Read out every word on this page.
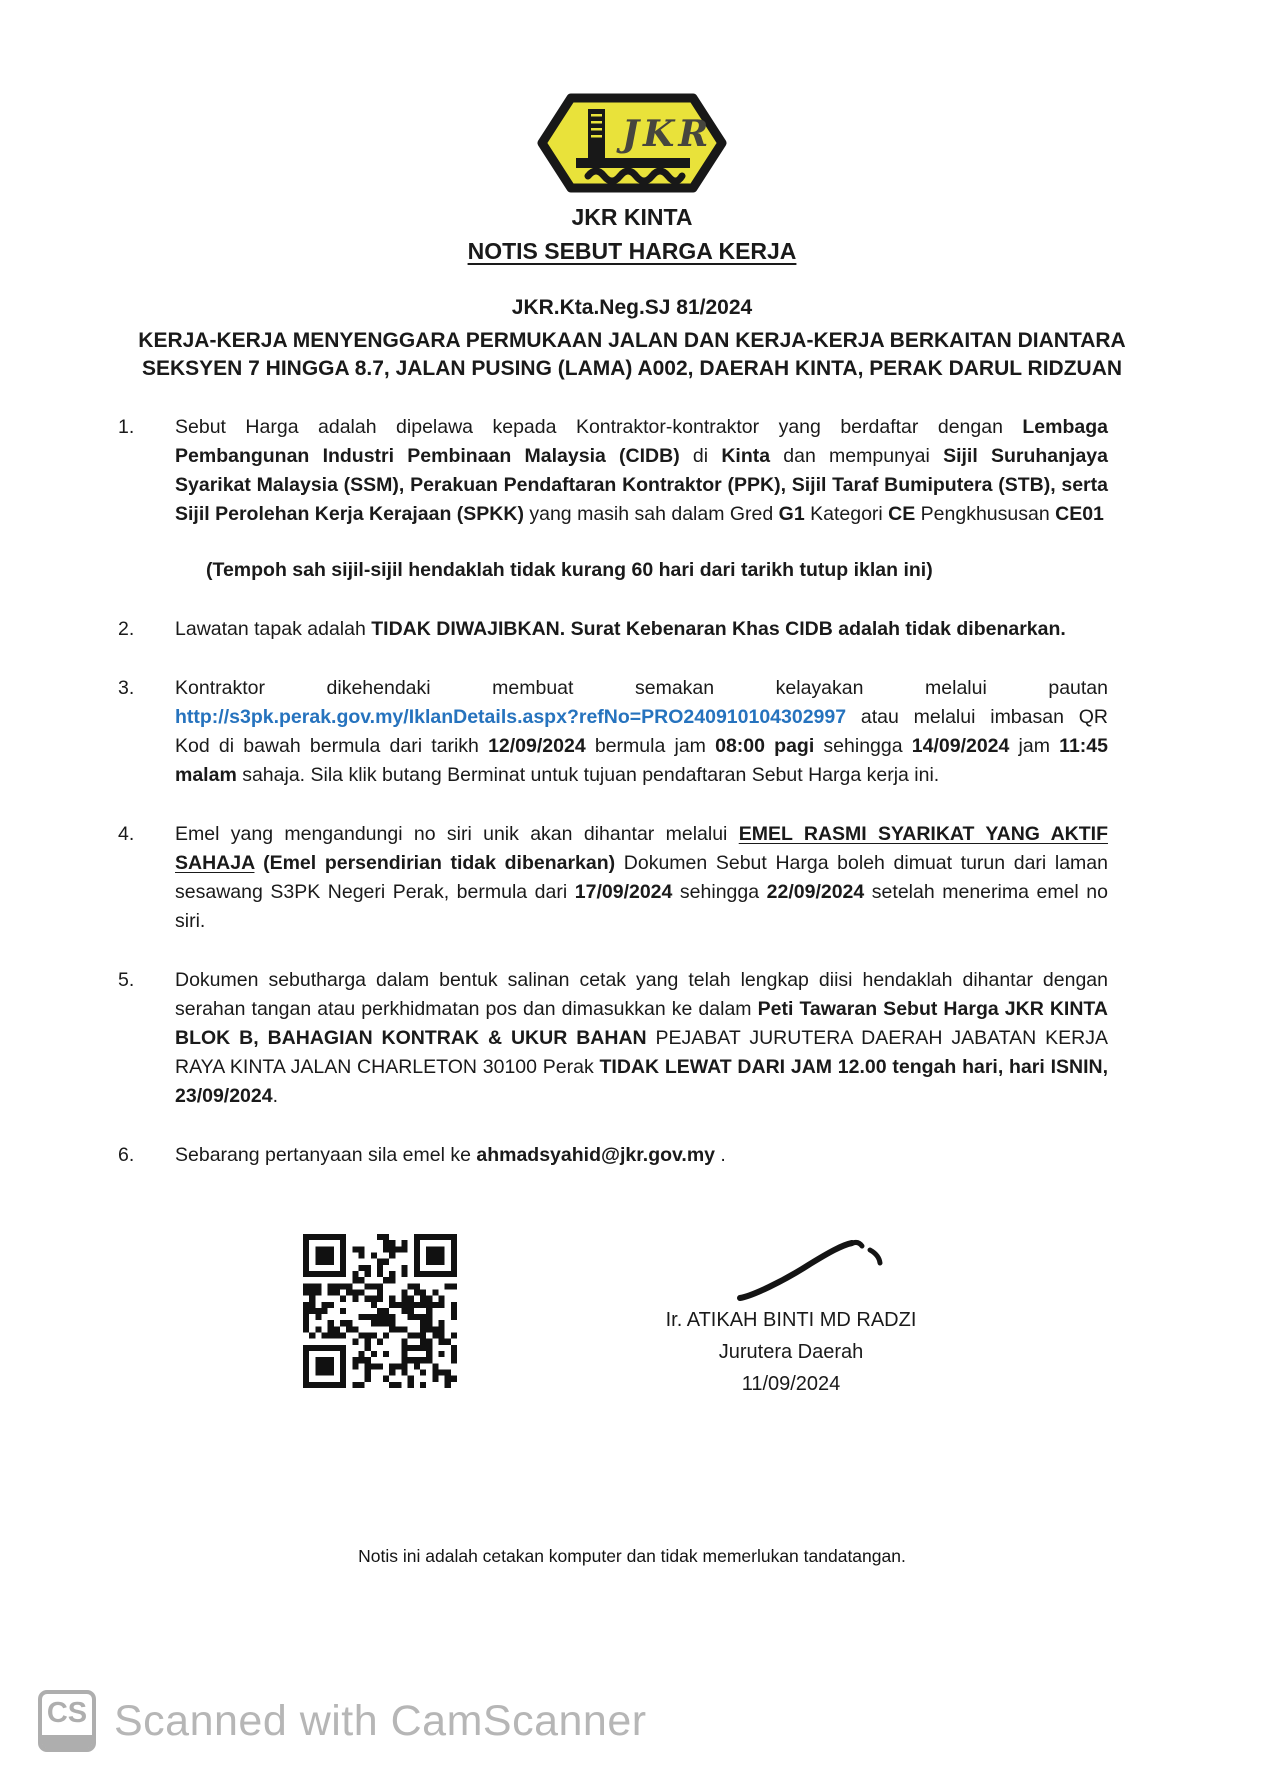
JKR
JKR KINTA
NOTIS SEBUT HARGA KERJA
JKR.Kta.Neg.SJ 81/2024
KERJA-KERJA MENYENGGARA PERMUKAAN JALAN DAN KERJA-KERJA BERKAITAN DIANTARA SEKSYEN 7 HINGGA 8.7, JALAN PUSING (LAMA) A002, DAERAH KINTA, PERAK DARUL RIDZUAN
1.	Sebut Harga adalah dipelawa kepada Kontraktor-kontraktor yang berdaftar dengan Lembaga Pembangunan Industri Pembinaan Malaysia (CIDB) di Kinta dan mempunyai Sijil Suruhanjaya Syarikat Malaysia (SSM), Perakuan Pendaftaran Kontraktor (PPK), Sijil Taraf Bumiputera (STB), serta Sijil Perolehan Kerja Kerajaan (SPKK) yang masih sah dalam Gred G1 Kategori CE Pengkhususan CE01
(Tempoh sah sijil-sijil hendaklah tidak kurang 60 hari dari tarikh tutup iklan ini)
2.	Lawatan tapak adalah TIDAK DIWAJIBKAN. Surat Kebenaran Khas CIDB adalah tidak dibenarkan.
3.	Kontraktor dikehendaki membuat semakan kelayakan melalui pautan http://s3pk.perak.gov.my/IklanDetails.aspx?refNo=PRO240910104302997 atau melalui imbasan QR Kod di bawah bermula dari tarikh 12/09/2024 bermula jam 08:00 pagi sehingga 14/09/2024 jam 11:45 malam sahaja. Sila klik butang Berminat untuk tujuan pendaftaran Sebut Harga kerja ini.
4.	Emel yang mengandungi no siri unik akan dihantar melalui EMEL RASMI SYARIKAT YANG AKTIF SAHAJA (Emel persendirian tidak dibenarkan) Dokumen Sebut Harga boleh dimuat turun dari laman sesawang S3PK Negeri Perak, bermula dari 17/09/2024 sehingga 22/09/2024 setelah menerima emel no siri.
5.	Dokumen sebutharga dalam bentuk salinan cetak yang telah lengkap diisi hendaklah dihantar dengan serahan tangan atau perkhidmatan pos dan dimasukkan ke dalam Peti Tawaran Sebut Harga JKR KINTA BLOK B, BAHAGIAN KONTRAK & UKUR BAHAN PEJABAT JURUTERA DAERAH JABATAN KERJA RAYA KINTA JALAN CHARLETON 30100 Perak TIDAK LEWAT DARI JAM 12.00 tengah hari, hari ISNIN, 23/09/2024.
6.	Sebarang pertanyaan sila emel ke ahmadsyahid@jkr.gov.my .
Ir. ATIKAH BINTI MD RADZI
Jurutera Daerah
11/09/2024
Notis ini adalah cetakan komputer dan tidak memerlukan tandatangan.
CS Scanned with CamScanner
